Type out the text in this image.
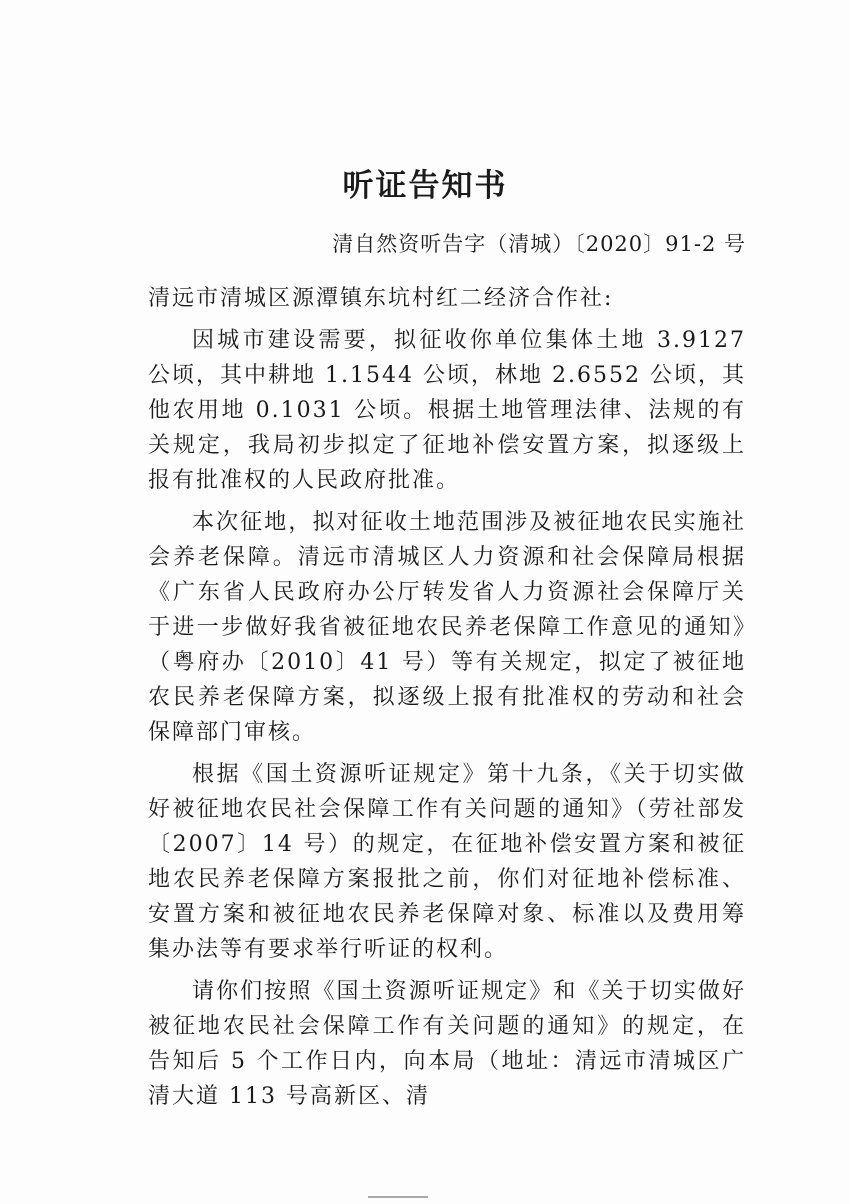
听证告知书
清自然资听告字（清城）〔2020〕91-2 号

清远市清城区源潭镇东坑村红二经济合作社:

因城市建设需要，拟征收你单位集体土地 3.9127 公顷，其中耕地 1.1544 公顷，林地 2.6552 公顷，其他农用地 0.1031 公顷。根据土地管理法律、法规的有关规定，我局初步拟定了征地补偿安置方案，拟逐级上报有批准权的人民政府批准。

本次征地，拟对征收土地范围涉及被征地农民实施社会养老保障。清远市清城区人力资源和社会保障局根据《广东省人民政府办公厅转发省人力资源社会保障厅关于进一步做好我省被征地农民养老保障工作意见的通知》（粤府办〔2010〕41 号）等有关规定，拟定了被征地农民养老保障方案，拟逐级上报有批准权的劳动和社会保障部门审核。

根据《国土资源听证规定》第十九条，《关于切实做好被征地农民社会保障工作有关问题的通知》（劳社部发〔2007〕14 号）的规定，在征地补偿安置方案和被征地农民养老保障方案报批之前，你们对征地补偿标准、安置方案和被征地农民养老保障对象、标准以及费用筹集办法等有要求举行听证的权利。

请你们按照《国土资源听证规定》和《关于切实做好被征地农民社会保障工作有关问题的通知》的规定，在告知后 5 个工作日内，向本局（地址：清远市清城区广清大道 113 号高新区、清
